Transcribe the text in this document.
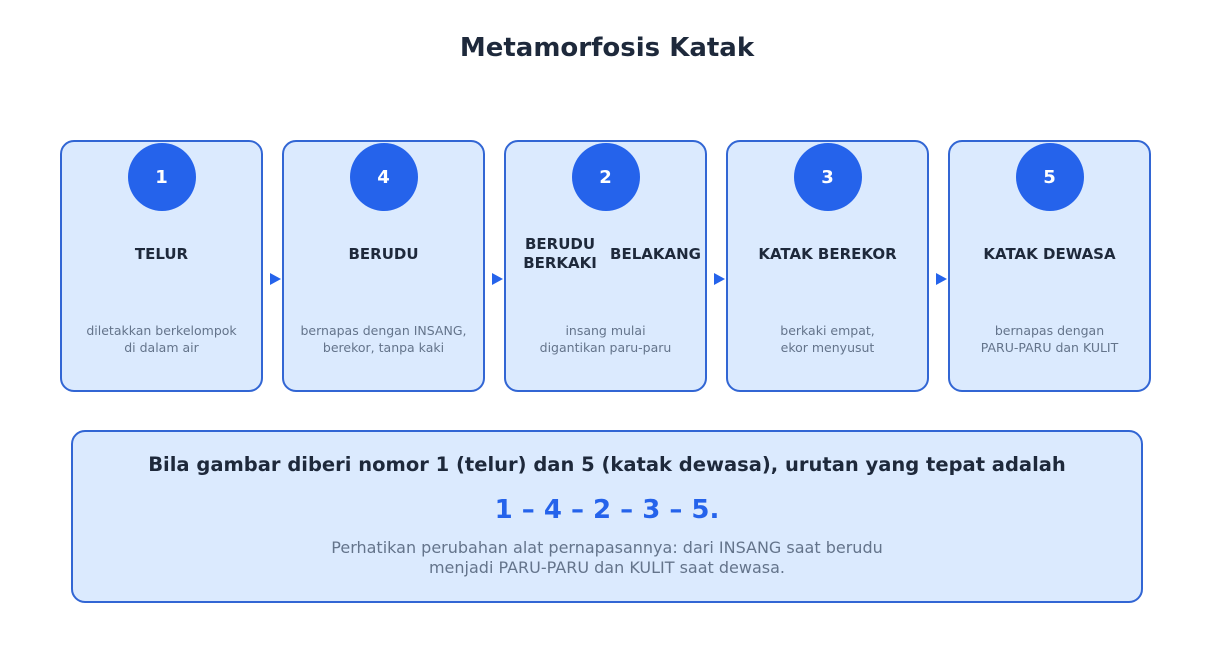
Metamorfosis Katak
1
TELUR
diletakkan berkelompok
di dalam air
4
BERUDU
bernapas dengan INSANG,
berekor, tanpa kaki
2
BERUDU BERKAKI
BELAKANG
insang mulai
digantikan paru-paru
3
KATAK BEREKOR
berkaki empat,
ekor menyusut
5
KATAK DEWASA
bernapas dengan
PARU-PARU dan KULIT
Bila gambar diberi nomor 1 (telur) dan 5 (katak dewasa), urutan yang tepat adalah
1 – 4 – 2 – 3 – 5.
Perhatikan perubahan alat pernapasannya: dari INSANG saat berudu
menjadi PARU-PARU dan KULIT saat dewasa.
